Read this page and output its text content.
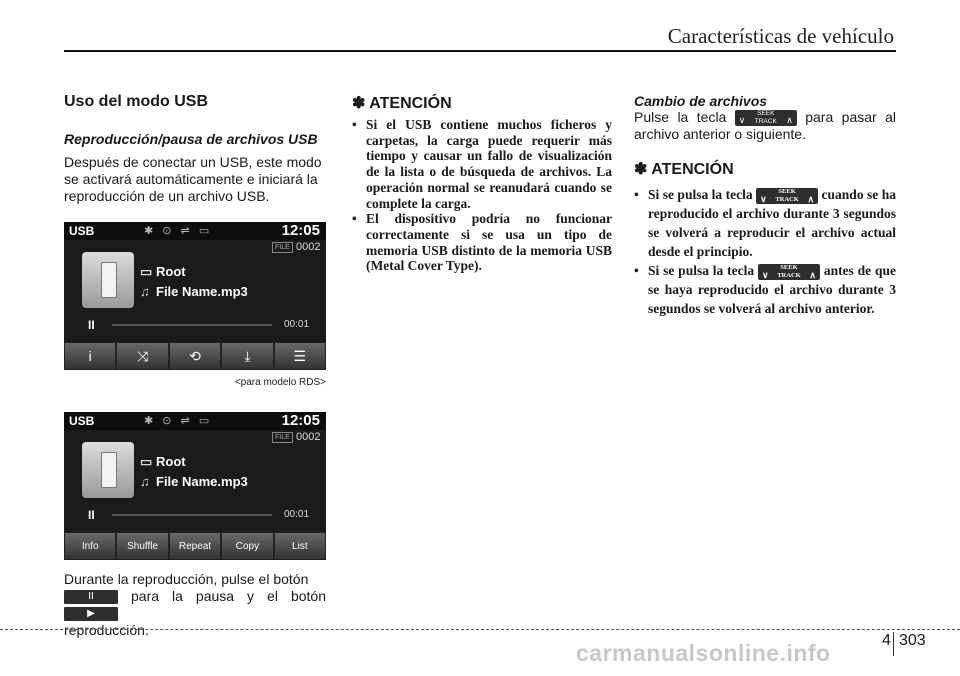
Características de vehículo
Uso del modo USB
Reproducción/pausa de archivos USB
Después de conectar un USB, este modo se activará automáticamente e iniciará la reproducción de un archivo USB.
USB	✱ ⊙ ⇌ ▭	12:05
FILE 0002
▭ Root
♫ File Name.mp3
II	00:01
i	⤨	⟲	⤓	☰
<para modelo RDS>
USB	✱ ⊙ ⇌ ▭	12:05
FILE 0002
▭ Root
♫ File Name.mp3
II	00:01
Info	Shuffle	Repeat	Copy	List
Durante la reproducción, pulse el botón
II	para la pausa y el botón ▶
reproducción.
✽ ATENCIÓN
• Si el USB contiene muchos ficheros y carpetas, la carga puede requerir más tiempo y causar un fallo de visualización de la lista o de búsqueda de archivos. La operación normal se reanudará cuando se complete la carga.
• El dispositivo podría no funcionar correctamente si se usa un tipo de memoria USB distinto de la memoria USB (Metal Cover Type).
Cambio de archivos
Pulse la tecla ∨
SEEK
TRACK	∧ para pasar al archivo anterior o siguiente.
✽ ATENCIÓN
• Si se pulsa la tecla ∨
SEEK
TRACK ∧ cuando se ha reproducido el archivo durante 3 segundos se volverá a reproducir el archivo actual desde el principio.
• Si se pulsa la tecla ∨
SEEK
TRACK ∧ antes de que se haya reproducido el archivo durante 3 segundos se volverá al archivo anterior.
carmanualsonline.info	4 303
